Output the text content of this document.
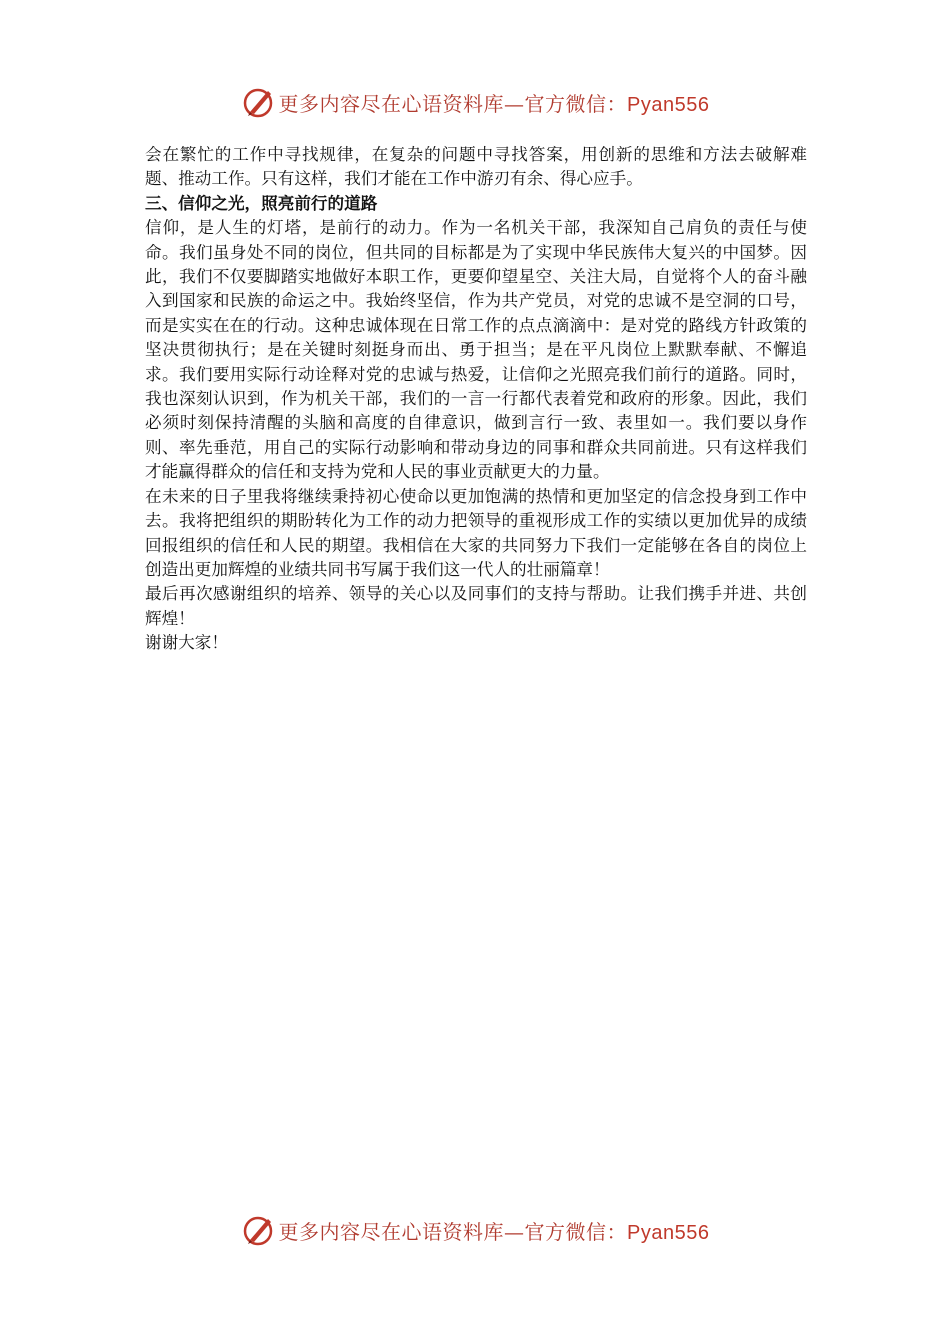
更多内容尽在心语资料库—官方微信：Pyan556

会在繁忙的工作中寻找规律，在复杂的问题中寻找答案，用创新的思维和方法去破解难题、推动工作。只有这样，我们才能在工作中游刃有余、得心应手。

三、信仰之光，照亮前行的道路

信仰，是人生的灯塔，是前行的动力。作为一名机关干部，我深知自己肩负的责任与使命。我们虽身处不同的岗位，但共同的目标都是为了实现中华民族伟大复兴的中国梦。因此，我们不仅要脚踏实地做好本职工作，更要仰望星空、关注大局，自觉将个人的奋斗融入到国家和民族的命运之中。我始终坚信，作为共产党员，对党的忠诚不是空洞的口号，而是实实在在的行动。这种忠诚体现在日常工作的点点滴滴中：是对党的路线方针政策的坚决贯彻执行；是在关键时刻挺身而出、勇于担当；是在平凡岗位上默默奉献、不懈追求。我们要用实际行动诠释对党的忠诚与热爱，让信仰之光照亮我们前行的道路。同时，我也深刻认识到，作为机关干部，我们的一言一行都代表着党和政府的形象。因此，我们必须时刻保持清醒的头脑和高度的自律意识，做到言行一致、表里如一。我们要以身作则、率先垂范，用自己的实际行动影响和带动身边的同事和群众共同前进。只有这样我们才能赢得群众的信任和支持为党和人民的事业贡献更大的力量。

在未来的日子里我将继续秉持初心使命以更加饱满的热情和更加坚定的信念投身到工作中去。我将把组织的期盼转化为工作的动力把领导的重视形成工作的实绩以更加优异的成绩回报组织的信任和人民的期望。我相信在大家的共同努力下我们一定能够在各自的岗位上创造出更加辉煌的业绩共同书写属于我们这一代人的壮丽篇章！

最后再次感谢组织的培养、领导的关心以及同事们的支持与帮助。让我们携手并进、共创辉煌！

谢谢大家！

更多内容尽在心语资料库—官方微信：Pyan556
